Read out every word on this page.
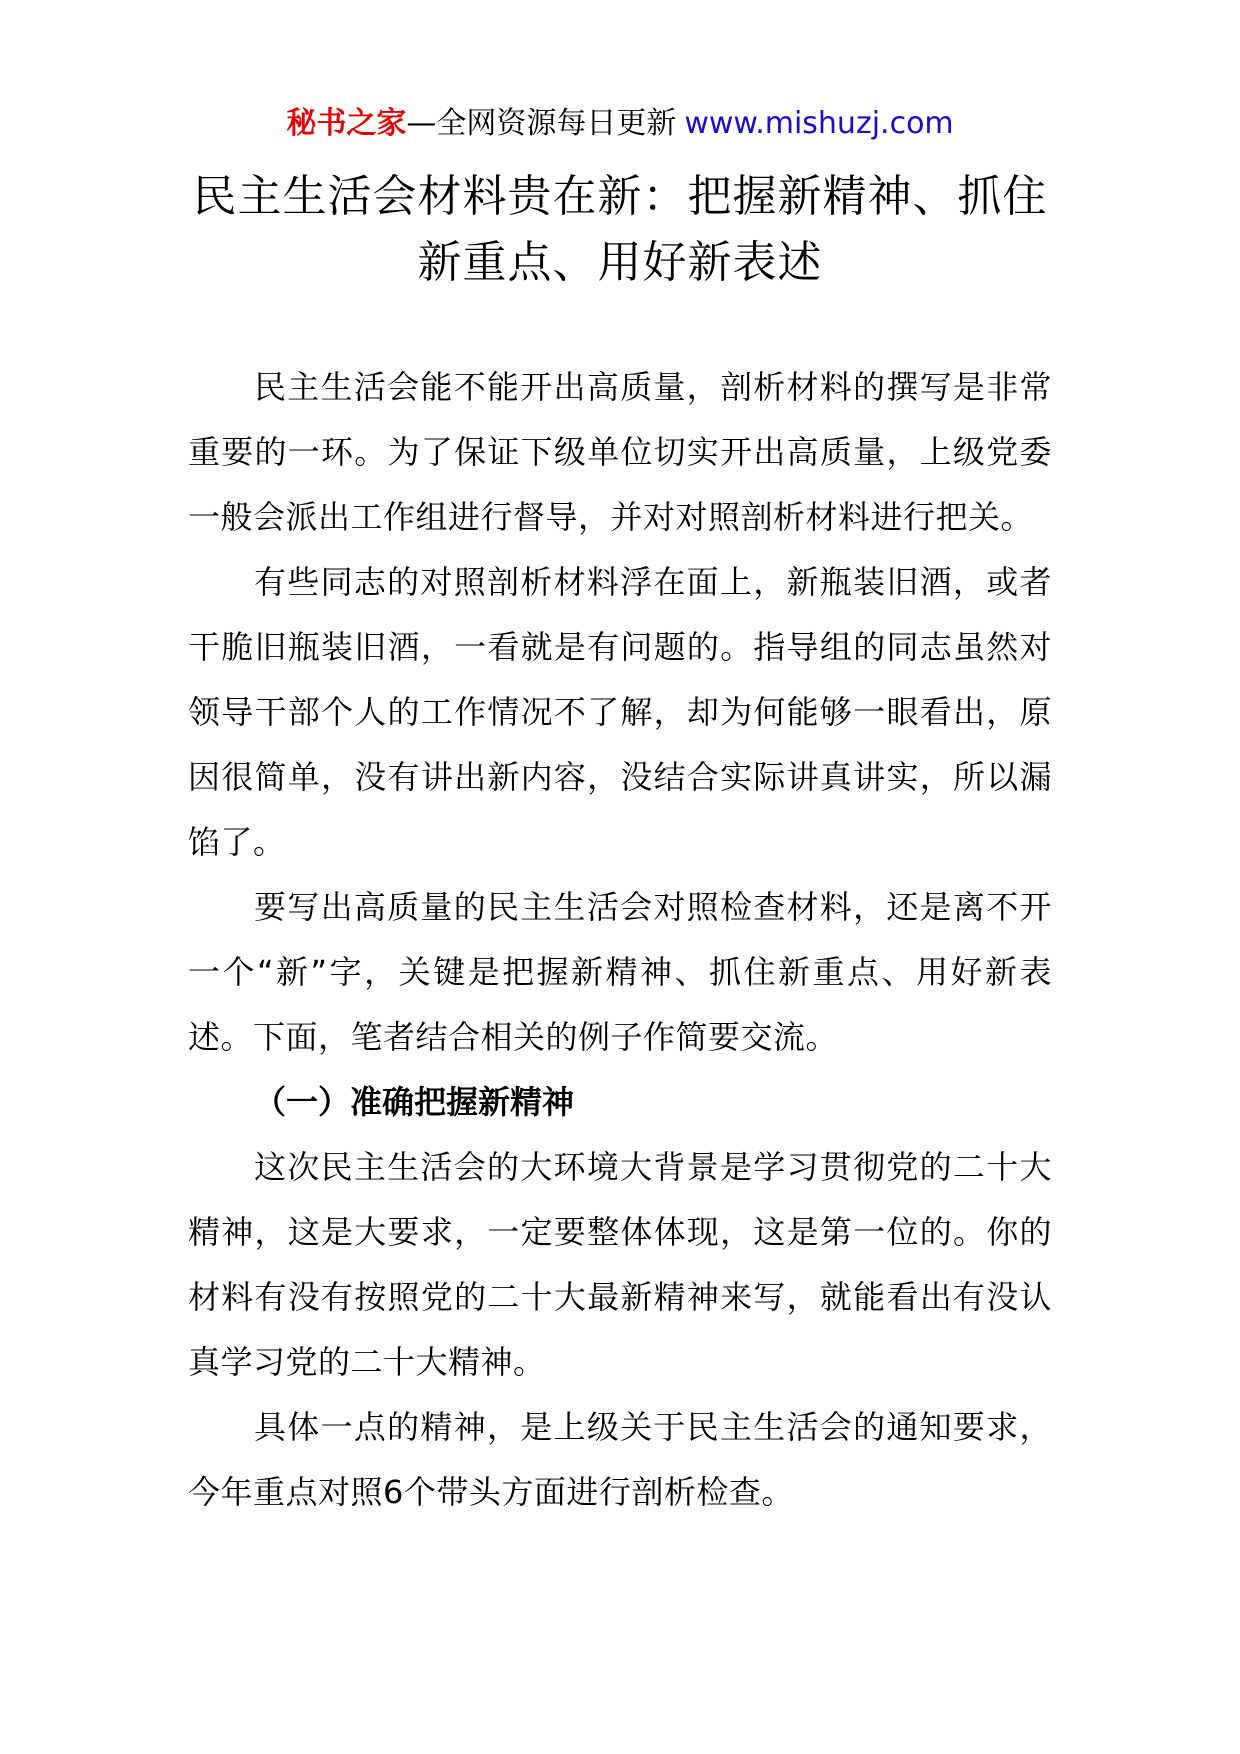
秘书之家—全网资源每日更新 www.mishuzj.com
民主生活会材料贵在新：把握新精神、抓住新重点、用好新表述

民主生活会能不能开出高质量，剖析材料的撰写是非常重要的一环。为了保证下级单位切实开出高质量，上级党委一般会派出工作组进行督导，并对对照剖析材料进行把关。

有些同志的对照剖析材料浮在面上，新瓶装旧酒，或者干脆旧瓶装旧酒，一看就是有问题的。指导组的同志虽然对领导干部个人的工作情况不了解，却为何能够一眼看出，原因很简单，没有讲出新内容，没结合实际讲真讲实，所以漏馅了。

要写出高质量的民主生活会对照检查材料，还是离不开一个“新”字，关键是把握新精神、抓住新重点、用好新表述。下面，笔者结合相关的例子作简要交流。

（一）准确把握新精神

这次民主生活会的大环境大背景是学习贯彻党的二十大精神，这是大要求，一定要整体体现，这是第一位的。你的材料有没有按照党的二十大最新精神来写，就能看出有没认真学习党的二十大精神。

具体一点的精神，是上级关于民主生活会的通知要求，今年重点对照6个带头方面进行剖析检查。
